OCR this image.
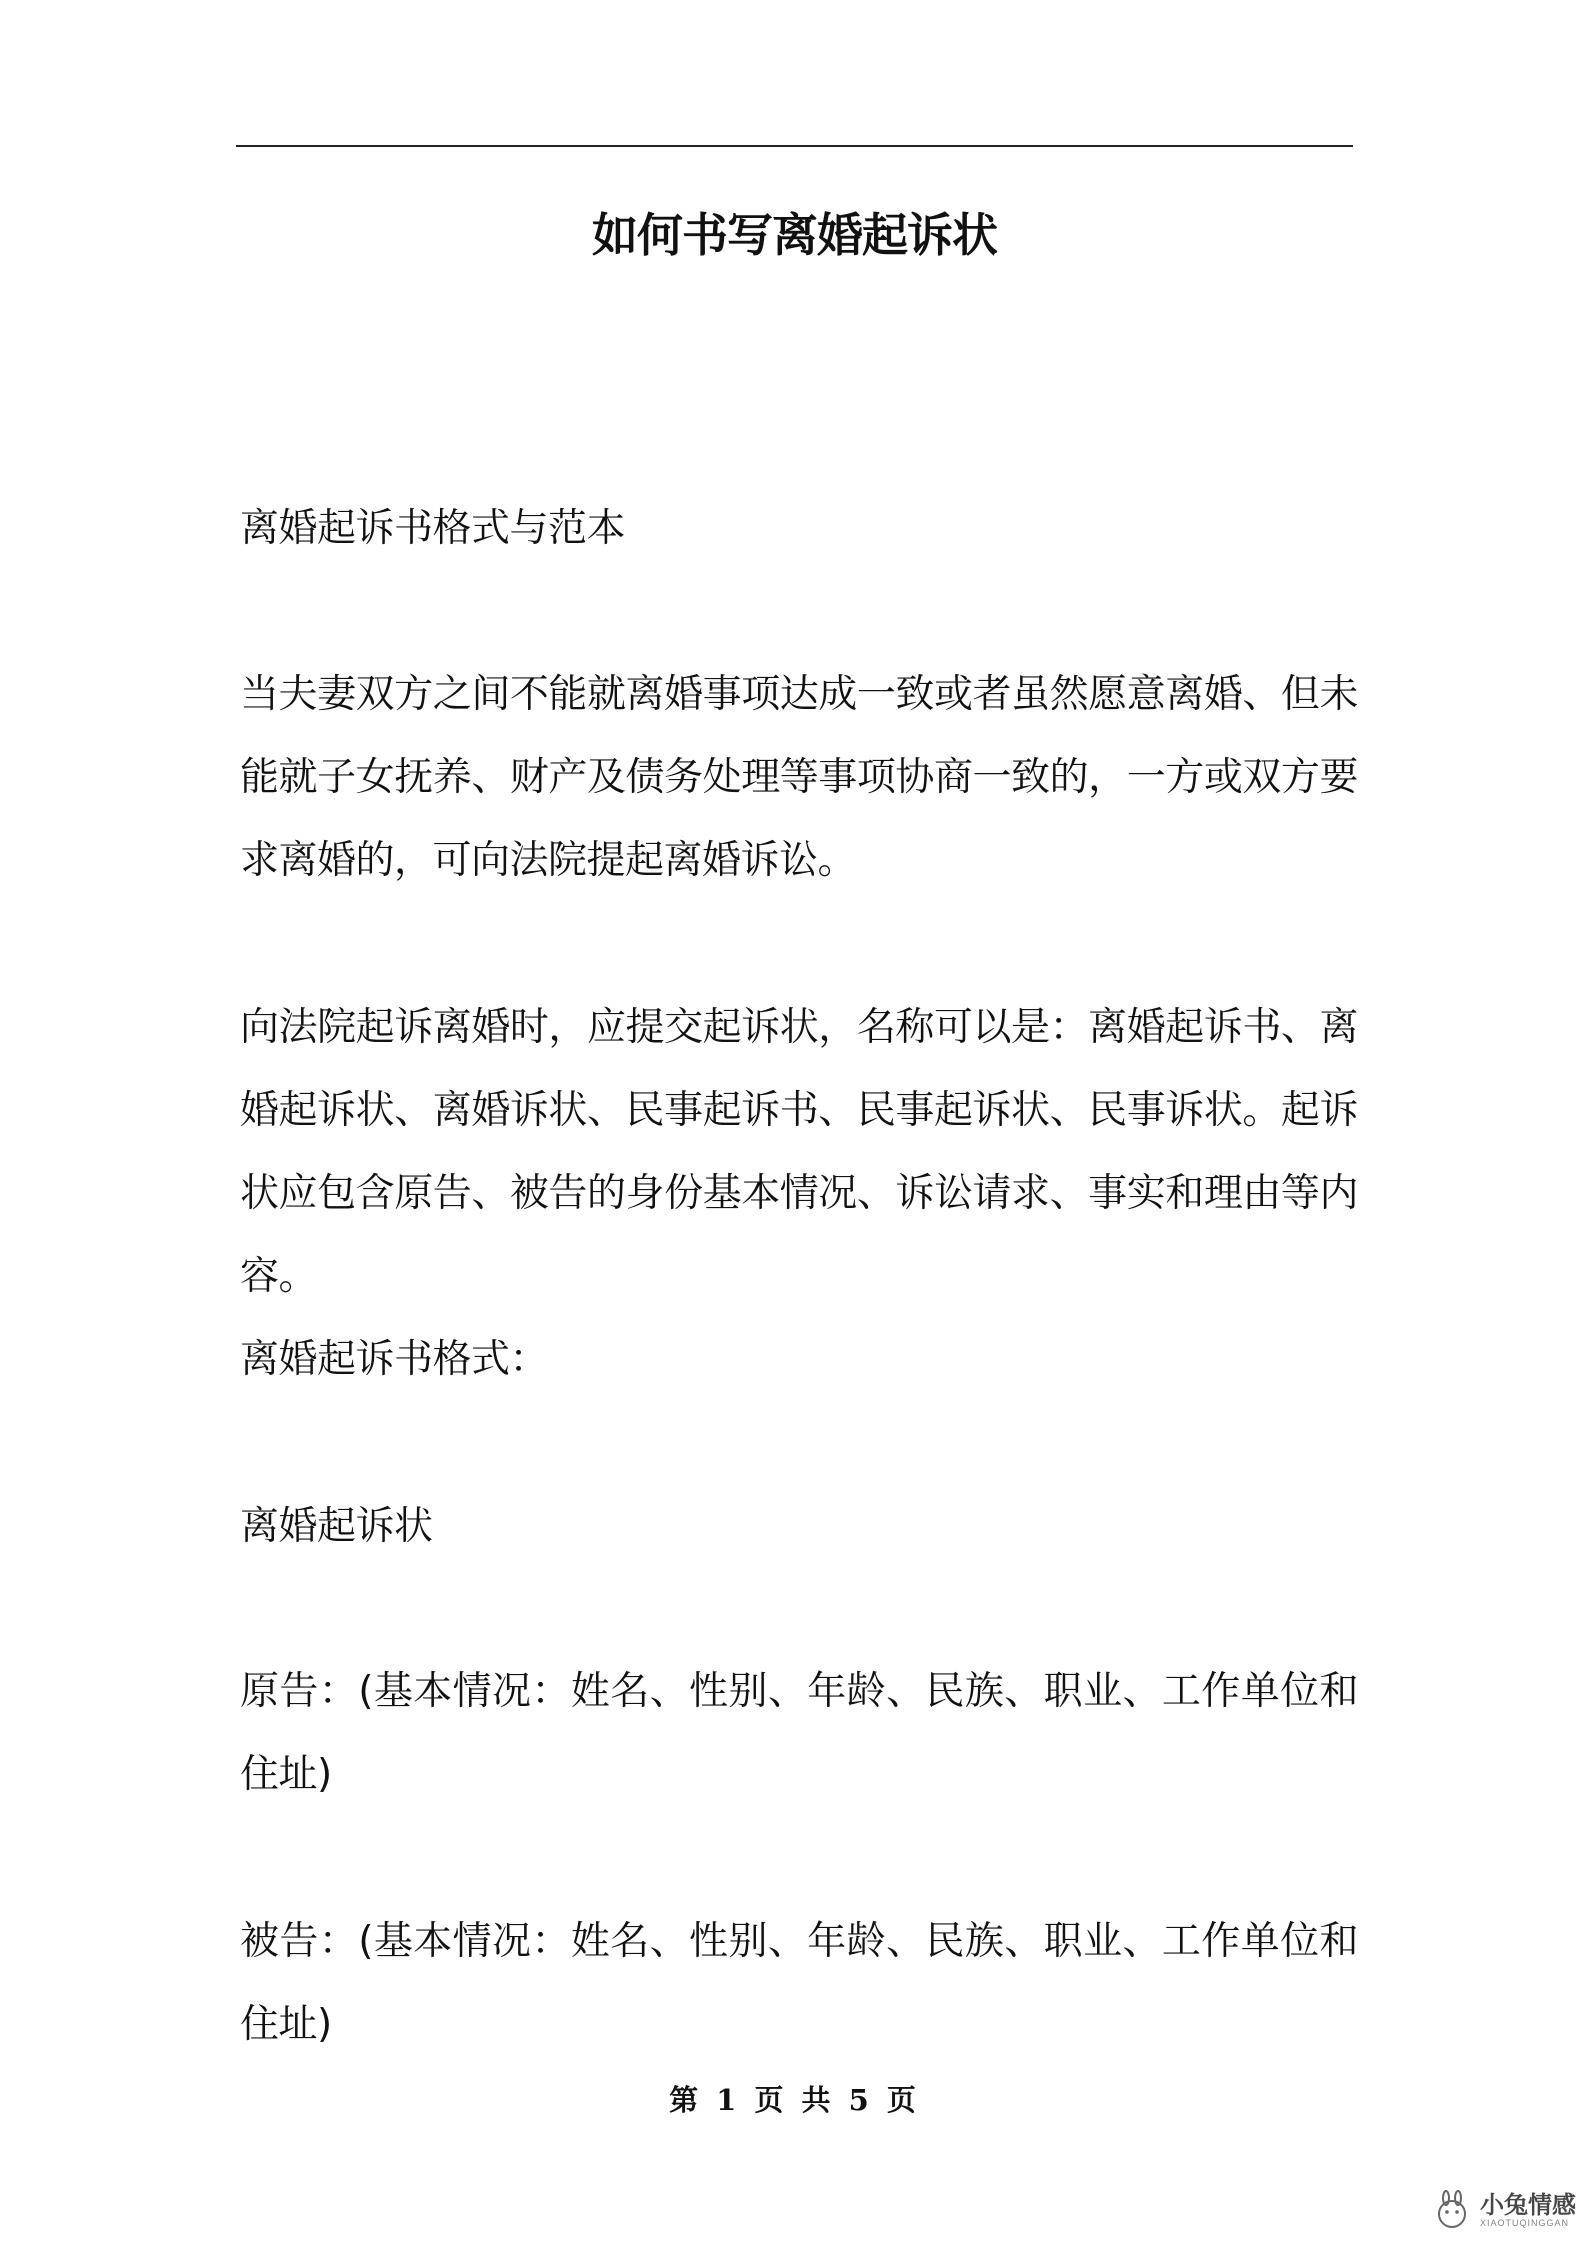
如何书写离婚起诉状

离婚起诉书格式与范本

当夫妻双方之间不能就离婚事项达成一致或者虽然愿意离婚、但未能就子女抚养、财产及债务处理等事项协商一致的，一方或双方要求离婚的，可向法院提起离婚诉讼。

向法院起诉离婚时，应提交起诉状，名称可以是：离婚起诉书、离婚起诉状、离婚诉状、民事起诉书、民事起诉状、民事诉状。起诉状应包含原告、被告的身份基本情况、诉讼请求、事实和理由等内容。

离婚起诉书格式：

离婚起诉状

原告：(基本情况：姓名、性别、年龄、民族、职业、工作单位和住址)

被告：(基本情况：姓名、性别、年龄、民族、职业、工作单位和住址)

第 1 页 共 5 页
小兔情感
XIAOTUQINGGAN
